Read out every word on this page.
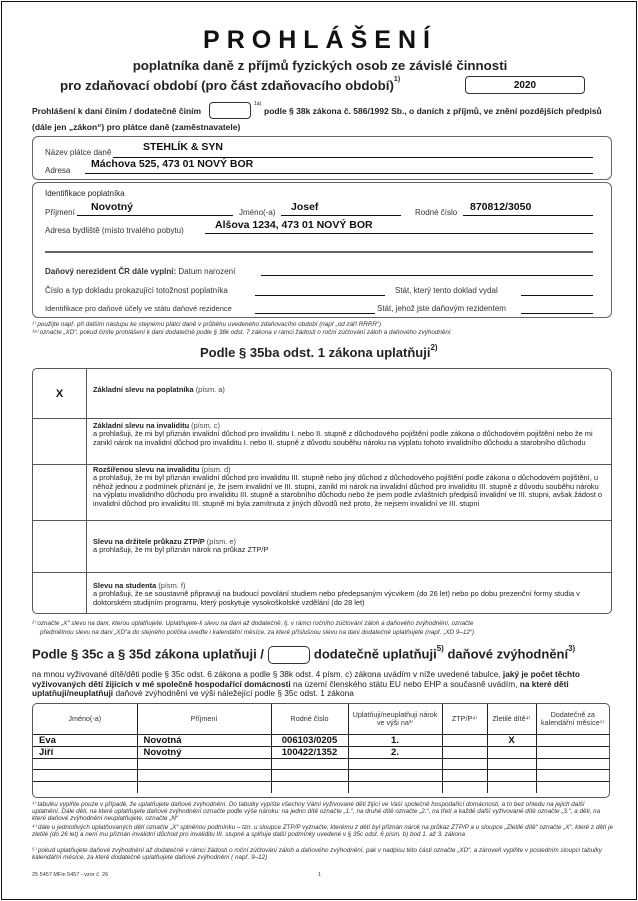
PROHLÁŠENÍ
poplatníka daně z příjmů fyzických osob ze závislé činnosti
pro zdaňovací období (pro část zdaňovacího období)$^{1)}$
2020
Prohlášení k dani činím / dodatečně činím
1a)
podle § 38k zákona č. 586/1992 Sb., o daních z příjmů, ve znění pozdějších předpisů
(dále jen „zákon“) pro plátce daně (zaměstnavatele)
Název plátce daně	STEHLÍK & SYN
Adresa
Máchova 525, 473 01 NOVÝ BOR
Identifikace poplatníka
Příjmení Novotný	Jméno(-a) Josef	Rodné číslo 870812/3050
Adresa bydliště (místo trvalého pobytu)	Alšova 1234, 473 01 NOVÝ BOR
Daňový nerezident ČR dále vyplní: Datum narození
Číslo a typ dokladu prokazující totožnost poplatníka	Stát, který tento doklad vydal
Identifikace pro daňové účely ve státu daňové rezidence	Stát, jehož jste daňovým rezidentem
¹⁾ použijte např. při dalším nástupu ke stejnému plátci daně v průběhu uvedeného zdaňovacího období (např „od září RRRR“)
¹ᵃ⁾ označte „XD“, pokud činíte prohlášení k dani dodatečně podle § 38k odst. 7 zákona v rámci žádosti o roční zúčtování záloh a daňového zvýhodnění
Podle § 35ba odst. 1 zákona uplatňuji$^{2)}$
X	Základní slevu na poplatníka (písm. a)
Základní slevu na invaliditu (písm. c)
a prohlašuji, že mi byl přiznán invalidní důchod pro invaliditu I. nebo II. stupně z důchodového pojištění podle zákona o důchodovém pojištění nebo že mi zanikl nárok na invalidní důchod pro invaliditu I. nebo II. stupně z důvodu souběhu nároku na výplatu tohoto invalidního důchodu a starobního důchodu
Rozšířenou slevu na invaliditu (písm. d)
a prohlašuji, že mi byl přiznán invalidní důchod pro invaliditu III. stupně nebo jiný důchod z důchodového pojištění podle zákona o důchodovém pojištění, u něhož jednou z podmínek přiznání je, že jsem invalidní ve III. stupni, zanikl mi nárok na invalidní důchod pro invaliditu III. stupně z důvodu souběhu nároku na výplatu invalidního důchodu pro invaliditu III. stupně a starobního důchodu nebo že jsem podle zvláštních předpisů invalidní ve III. stupni, avšak žádost o invalidní důchod pro invaliditu III. stupně mi byla zamítnuta z jiných důvodů než proto, že nejsem invalidní ve III. stupni
Slevu na držitele průkazu ZTP/P (písm. e)
a prohlašuji, že mi byl přiznán nárok na průkaz ZTP/P
Slevu na studenta (písm. f)
a prohlašuji, že se soustavně připravuji na budoucí povolání studiem nebo předepsaným výcvikem (do 26 let) nebo po dobu prezenční formy studia v doktorském studijním programu, který poskytuje vysokoškolské vzdělání (do 28 let)
²⁾ označte „X“ slevu na dani, kterou uplatňujete. Uplatňujete-li slevu na dani až dodatečně, tj. v rámci ročního zúčtování záloh a daňového zvýhodnění, označte
předmětnou slevu na dani „XD“a do stejného políčka uveďte i kalendářní měsíce, za které příslušnou slevu na dani dodatečně uplatňujete (např. „XD 9–12“)
Podle § 35c a § 35d zákona uplatňuji /	dodatečně uplatňuji$^{5)}$ daňové zvýhodnění$^{3)}$
na mnou vyživované dítě/děti podle § 35c odst. 6 zákona a podle § 38k odst. 4 písm. c) zákona uvádím v níže uvedené tabulce, jaký je počet těchto vyživovaných dětí žijících v mé společně hospodařící domácnosti na území členského státu EU nebo EHP a současně uvádím, na které děti uplatňuji/neuplatňuji daňové zvýhodnění ve výši náležející podle § 35c odst. 1 zákona
Jméno(-a)	Příjmení	Rodné číslo	Uplatňuji/neuplatňuji nárok ve výši na³⁾	ZTP/P⁴⁾	Zletilé dítě⁴⁾	Dodatečně za kalendářní měsíce⁵⁾
Eva	Novotná	006103/0205	1.		X	
Jiří	Novotný	100422/1352	2.			

³⁾ tabulku vyplňte pouze v případě, že uplatňujete daňové zvýhodnění. Do tabulky vypište všechny Vámi vyživované děti žijící ve Vaší společně hospodařící domácnosti, a to bez ohledu na jejich další uplatnění. Dále děti, na které uplatňujete daňové zvýhodnění označte podle výše nároku: na jedno dítě označte „1.“, na druhé dítě označte „2.“, na třetí a každé další vyživované dítě označte „3.“, a děti, na které daňové zvýhodnění neuplatňujete, označte „N“
⁴⁾ dále u jednotlivých uplatňovaných dětí označte „X“ splněnou podmínku – tzn. u sloupce ZTP/P vyznačte, kterému z dětí byl přiznán nárok na průkaz ZTP/P a u sloupce „Zletilé dítě“ označte „X“, které z dětí je zletilé (do 26 let) a není mu přiznán invalidní důchod pro invaliditu III. stupně a splňuje další podmínky uvedené v § 35c odst. 6 písm. b) bod 1. až 3. zákona
⁵⁾ pokud uplatňujete daňové zvýhodnění až dodatečně v rámci žádosti o roční zúčtování záloh a daňového zvýhodnění, pak v nadpisu této části označte „XD“, a zároveň vyplňte v posledním sloupci tabulky kalendářní měsíce, za které dodatečně uplatňujete daňové zvýhodnění ( např. 9–12)
25 5457 MFin 5457 - vzor č. 26	1
